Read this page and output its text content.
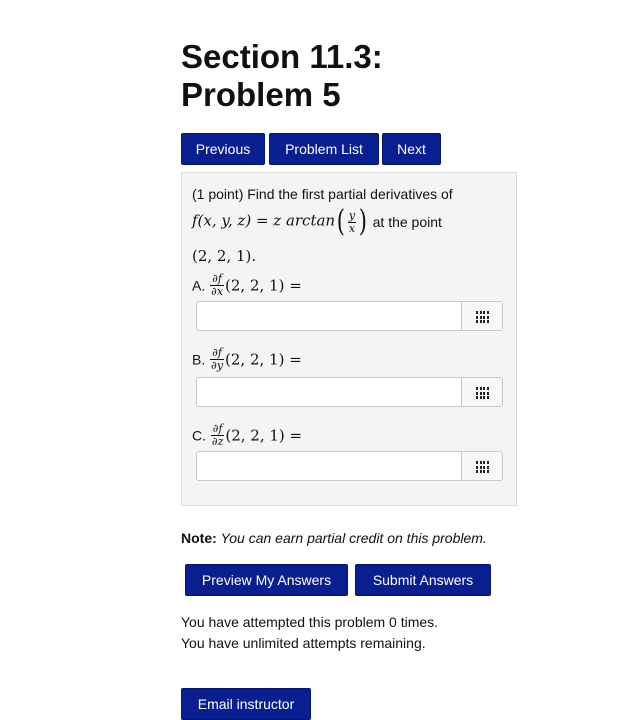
Section 11.3:
Problem 5
Previous	Problem List	Next
(1 point) Find the first partial derivatives of
f(x, y, z) = z $\arctan( \frac{y}{x}$ ) at the point
(2, 2, 1).
A. $\frac{\partial f}{\partial x} (2$, 2, 1) =
B. $\frac{\partial f}{\partial y} (2$, 2, 1) =
C. $\frac{\partial f}{\partial z} (2$, 2, 1) =
Note: You can earn partial credit on this problem.
Preview My Answers	Submit Answers
You have attempted this problem 0 times.
You have unlimited attempts remaining.
Email instructor
